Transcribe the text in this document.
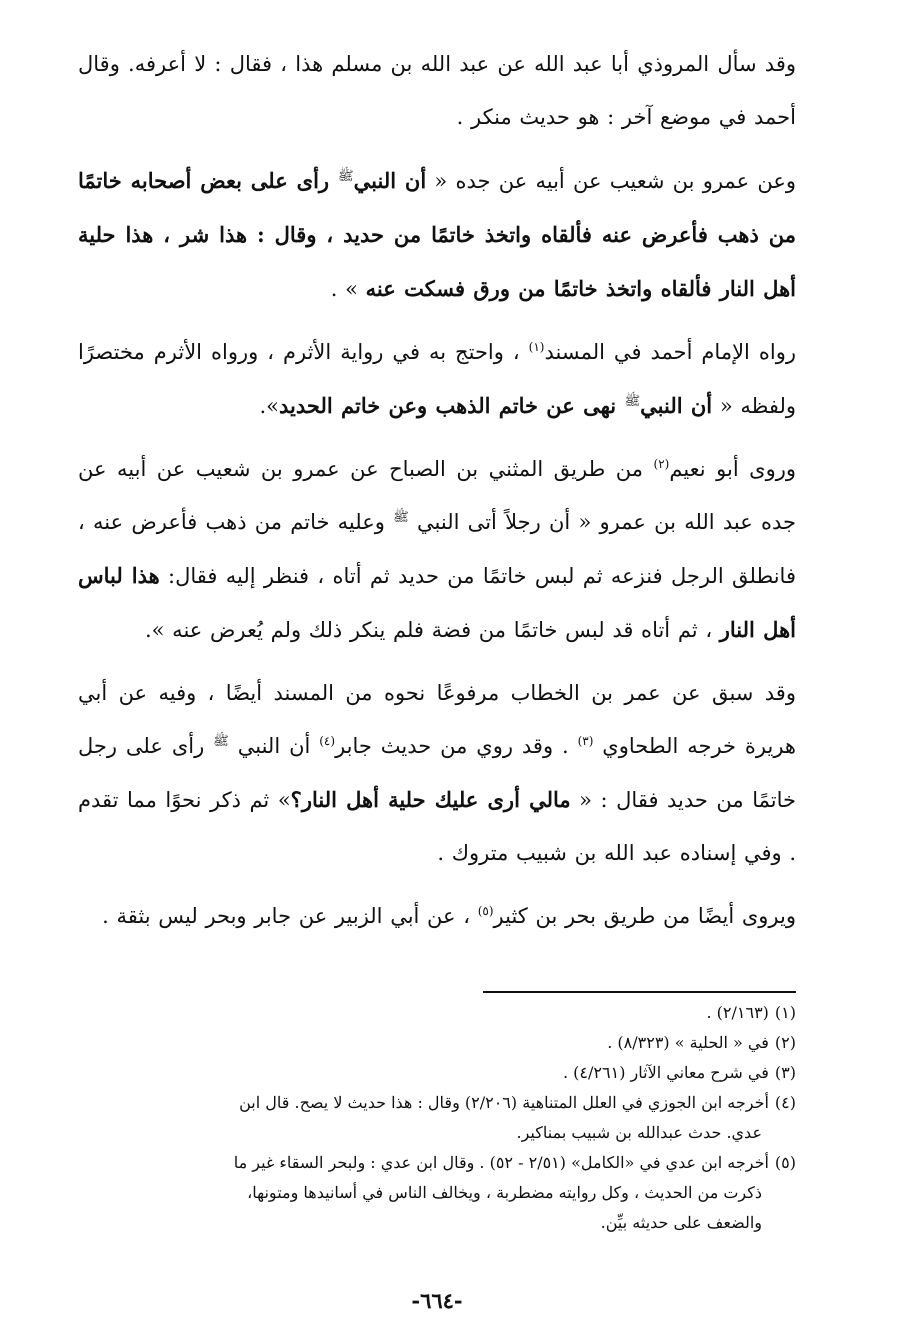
وقد سأل المروذي أبا عبد الله عن عبد الله بن مسلم هذا ، فقال : لا أعرفه. وقال أحمد في موضع آخر : هو حديث منكر .

وعن عمرو بن شعيب عن أبيه عن جده « أن النبي$^ﷺ$ رأى على بعض أصحابه خاتمًا من ذهب فأعرض عنه فألقاه واتخذ خاتمًا من حديد ، وقال : هذا شر ، هذا حلية أهل النار فألقاه واتخذ خاتمًا من ورق فسكت عنه » .

رواه الإمام أحمد في المسند$^{(١)}$ ، واحتج به في رواية الأثرم ، ورواه الأثرم مختصرًا ولفظه « أن النبي$^ﷺ$ نهى عن خاتم الذهب وعن خاتم الحديد».

وروى أبو نعيم$^{(٢)}$ من طريق المثني بن الصباح عن عمرو بن شعيب عن أبيه عن جده عبد الله بن عمرو « أن رجلاً أتى النبي $^ﷺ$ وعليه خاتم من ذهب فأعرض عنه ، فانطلق الرجل فنزعه ثم لبس خاتمًا من حديد ثم أتاه ، فنظر إليه فقال: هذا لباس أهل النار ، ثم أتاه قد لبس خاتمًا من فضة فلم ينكر ذلك ولم يُعرض عنه ».

وقد سبق عن عمر بن الخطاب مرفوعًا نحوه من المسند أيضًا ، وفيه عن أبي هريرة خرجه الطحاوي $^{(٣)}$ . وقد روي من حديث جابر$^{(٤)}$ أن النبي $^ﷺ$ رأى على رجل خاتمًا من حديد فقال : « مالي أرى عليك حلية أهل النار؟» ثم ذكر نحوًا مما تقدم . وفي إسناده عبد الله بن شبيب متروك .

ويروى أيضًا من طريق بحر بن كثير$^{(٥)}$ ، عن أبي الزبير عن جابر وبحر ليس بثقة .

(١)(٢/١٦٣) .

(٢)في « الحلية » (٨/٣٢٣) .

(٣)في شرح معاني الآثار (٤/٢٦١) .

(٤)أخرجه ابن الجوزي في العلل المتناهية (٢/٢٠٦) وقال : هذا حديث لا يصح. قال ابن

عدي. حدث عبدالله بن شبيب بمناكير.

(٥)أخرجه ابن عدي في «الكامل» (٢/٥١ - ٥٢) . وقال ابن عدي : ولبحر السقاء غير ما

ذكرت من الحديث ، وكل روايته مضطربة ، ويخالف الناس في أسانيدها ومتونها،

والضعف على حديثه بيِّن.

-٦٦٤-
